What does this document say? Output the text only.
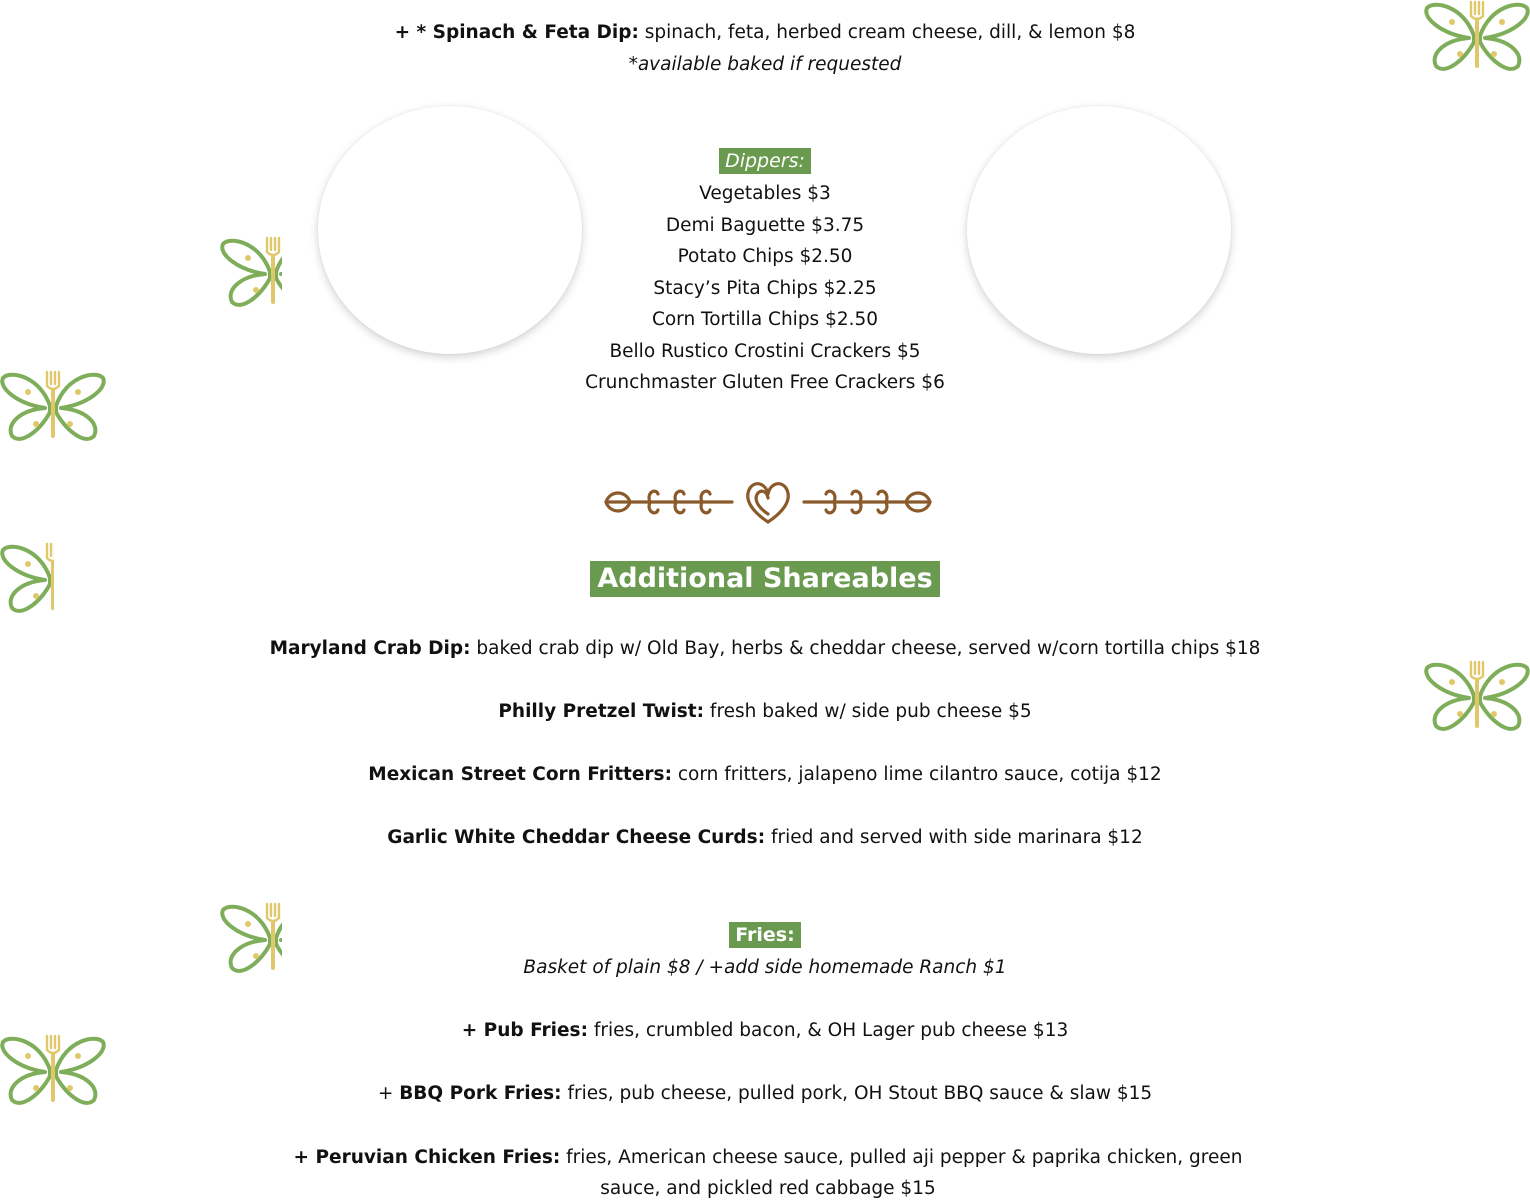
+ * Spinach & Feta Dip: spinach, feta, herbed cream cheese, dill, & lemon $8
*available baked if requested
Dippers:
Vegetables $3
Demi Baguette $3.75
Potato Chips $2.50
Stacy’s Pita Chips $2.25
Corn Tortilla Chips $2.50
Bello Rustico Crostini Crackers $5
Crunchmaster Gluten Free Crackers $6
Additional Shareables
Maryland Crab Dip: baked crab dip w/ Old Bay, herbs & cheddar cheese, served w/corn tortilla chips $18
Philly Pretzel Twist: fresh baked w/ side pub cheese $5
Mexican Street Corn Fritters: corn fritters, jalapeno lime cilantro sauce, cotija $12
Garlic White Cheddar Cheese Curds: fried and served with side marinara $12
Fries:
Basket of plain $8 / +add side homemade Ranch $1
+ Pub Fries: fries, crumbled bacon, & OH Lager pub cheese $13
+ BBQ Pork Fries: fries, pub cheese, pulled pork, OH Stout BBQ sauce & slaw $15
+ Peruvian Chicken Fries: fries, American cheese sauce, pulled aji pepper & paprika chicken, green sauce, and pickled red cabbage $15
